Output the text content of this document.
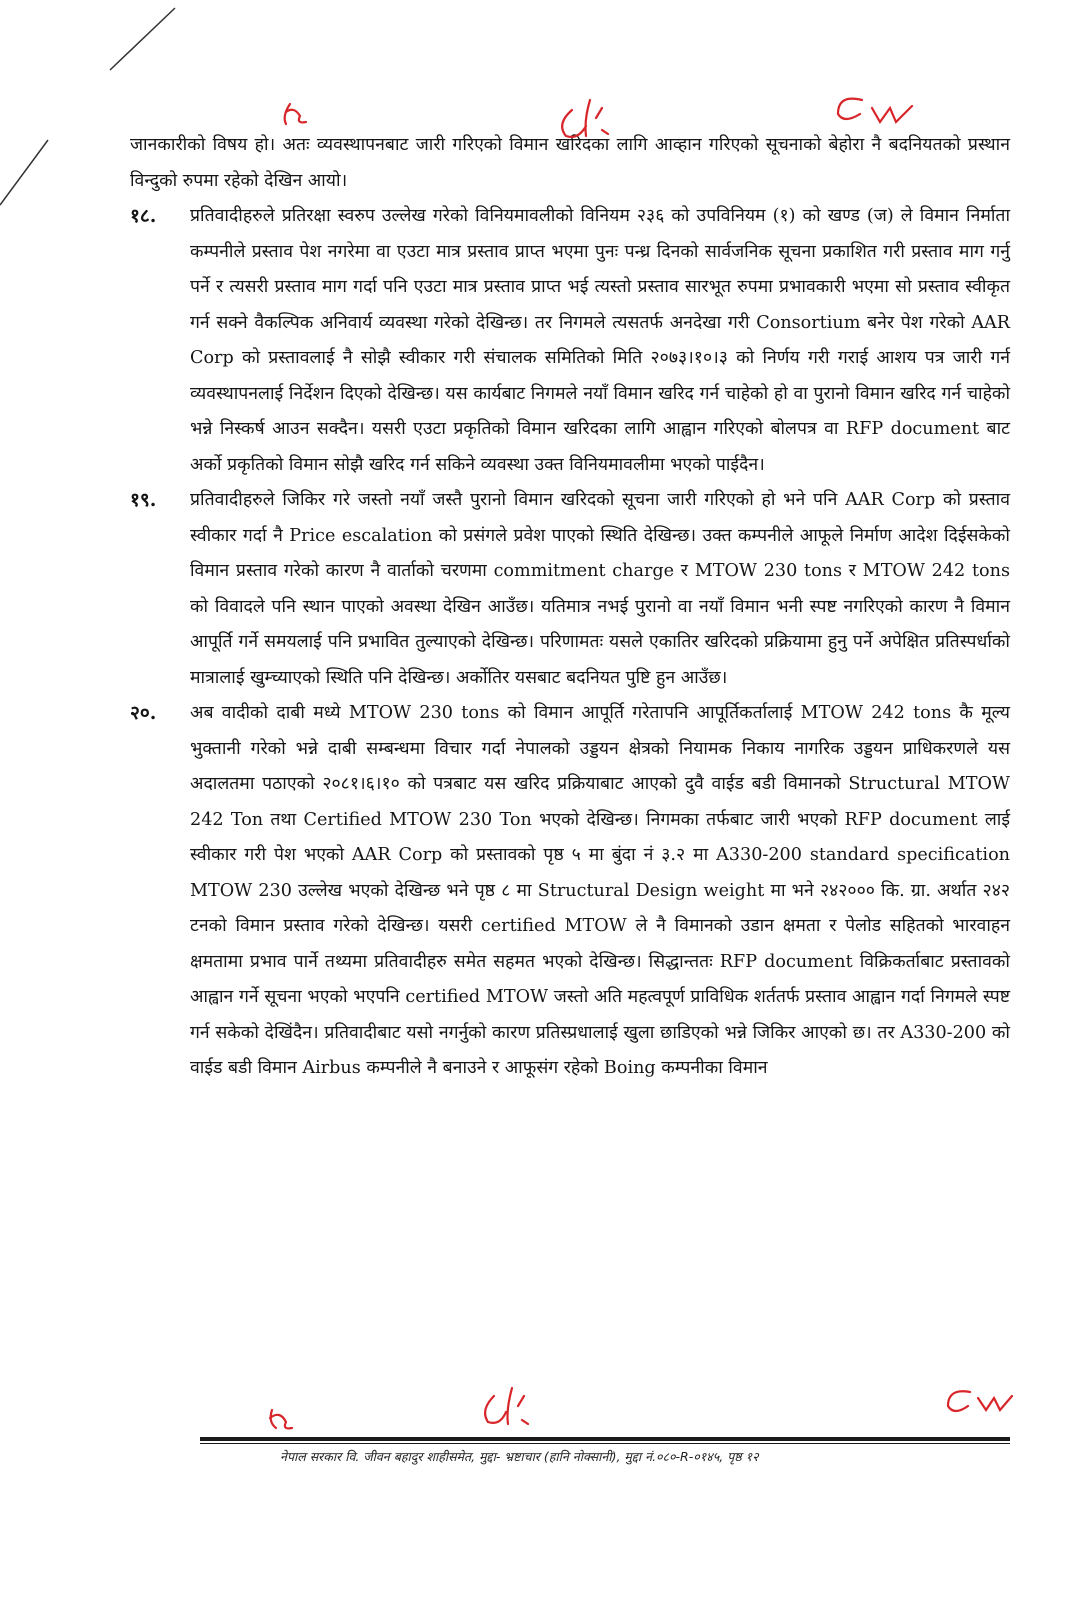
जानकारीको विषय हो। अतः व्यवस्थापनबाट जारी गरिएको विमान खरिदका लागि आव्हान गरिएको सूचनाको बेहोरा नै बदनियतको प्रस्थान विन्दुको रुपमा रहेको देखिन आयो।

१८.	प्रतिवादीहरुले प्रतिरक्षा स्वरुप उल्लेख गरेको विनियमावलीको विनियम २३६ को उपविनियम (१) को खण्ड (ज) ले विमान निर्माता कम्पनीले प्रस्ताव पेश नगरेमा वा एउटा मात्र प्रस्ताव प्राप्त भएमा पुनः पन्ध्र दिनको सार्वजनिक सूचना प्रकाशित गरी प्रस्ताव माग गर्नु पर्ने र त्यसरी प्रस्ताव माग गर्दा पनि एउटा मात्र प्रस्ताव प्राप्त भई त्यस्तो प्रस्ताव सारभूत रुपमा प्रभावकारी भएमा सो प्रस्ताव स्वीकृत गर्न सक्ने वैकल्पिक अनिवार्य व्यवस्था गरेको देखिन्छ। तर निगमले त्यसतर्फ अनदेखा गरी Consortium बनेर पेश गरेको AAR Corp को प्रस्तावलाई नै सोझै स्वीकार गरी संचालक समितिको मिति २०७३।१०।३ को निर्णय गरी गराई आशय पत्र जारी गर्न व्यवस्थापनलाई निर्देशन दिएको देखिन्छ। यस कार्यबाट निगमले नयाँ विमान खरिद गर्न चाहेको हो वा पुरानो विमान खरिद गर्न चाहेको भन्ने निस्कर्ष आउन सक्दैन। यसरी एउटा प्रकृतिको विमान खरिदका लागि आह्वान गरिएको बोलपत्र वा RFP document बाट अर्को प्रकृतिको विमान सोझै खरिद गर्न सकिने व्यवस्था उक्त विनियमावलीमा भएको पाईदैन।

१९.	प्रतिवादीहरुले जिकिर गरे जस्तो नयाँ जस्तै पुरानो विमान खरिदको सूचना जारी गरिएको हो भने पनि AAR Corp को प्रस्ताव स्वीकार गर्दा नै Price escalation को प्रसंगले प्रवेश पाएको स्थिति देखिन्छ। उक्त कम्पनीले आफूले निर्माण आदेश दिईसकेको विमान प्रस्ताव गरेको कारण नै वार्ताको चरणमा commitment charge र MTOW 230 tons र MTOW 242 tons को विवादले पनि स्थान पाएको अवस्था देखिन आउँछ। यतिमात्र नभई पुरानो वा नयाँ विमान भनी स्पष्ट नगरिएको कारण नै विमान आपूर्ति गर्ने समयलाई पनि प्रभावित तुल्याएको देखिन्छ। परिणामतः यसले एकातिर खरिदको प्रक्रियामा हुनु पर्ने अपेक्षित प्रतिस्पर्धाको मात्रालाई खुम्च्याएको स्थिति पनि देखिन्छ। अर्कोतिर यसबाट बदनियत पुष्टि हुन आउँछ।

२०.	अब वादीको दाबी मध्ये MTOW 230 tons को विमान आपूर्ति गरेतापनि आपूर्तिकर्तालाई MTOW 242 tons कै मूल्य भुक्तानी गरेको भन्ने दाबी सम्बन्धमा विचार गर्दा नेपालको उड्डयन क्षेत्रको नियामक निकाय नागरिक उड्डयन प्राधिकरणले यस अदालतमा पठाएको २०८१।६।१० को पत्रबाट यस खरिद प्रक्रियाबाट आएको दुवै वाईड बडी विमानको Structural MTOW 242 Ton तथा Certified MTOW 230 Ton भएको देखिन्छ। निगमका तर्फबाट जारी भएको RFP document लाई स्वीकार गरी पेश भएको AAR Corp को प्रस्तावको पृष्ठ ५ मा बुंदा नं ३.२ मा A330-200 standard specification MTOW 230 उल्लेख भएको देखिन्छ भने पृष्ठ ८ मा Structural Design weight मा भने २४२००० कि. ग्रा. अर्थात २४२ टनको विमान प्रस्ताव गरेको देखिन्छ। यसरी certified MTOW ले नै विमानको उडान क्षमता र पेलोड सहितको भारवाहन क्षमतामा प्रभाव पार्ने तथ्यमा प्रतिवादीहरु समेत सहमत भएको देखिन्छ। सिद्धान्ततः RFP document विक्रिकर्ताबाट प्रस्तावको आह्वान गर्ने सूचना भएको भएपनि certified MTOW जस्तो अति महत्वपूर्ण प्राविधिक शर्ततर्फ प्रस्ताव आह्वान गर्दा निगमले स्पष्ट गर्न सकेको देखिंदैन। प्रतिवादीबाट यसो नगर्नुको कारण प्रतिस्प्रधालाई खुला छाडिएको भन्ने जिकिर आएको छ। तर A330-200 को वाईड बडी विमान Airbus कम्पनीले नै बनाउने र आफूसंग रहेको Boing कम्पनीका विमान

नेपाल सरकार वि. जीवन बहादुर शाहीसमेत, मुद्दा- भ्रष्टाचार (हानि नोक्सानी), मुद्दा नं.०८०-R-०१४५, पृष्ठ १२
